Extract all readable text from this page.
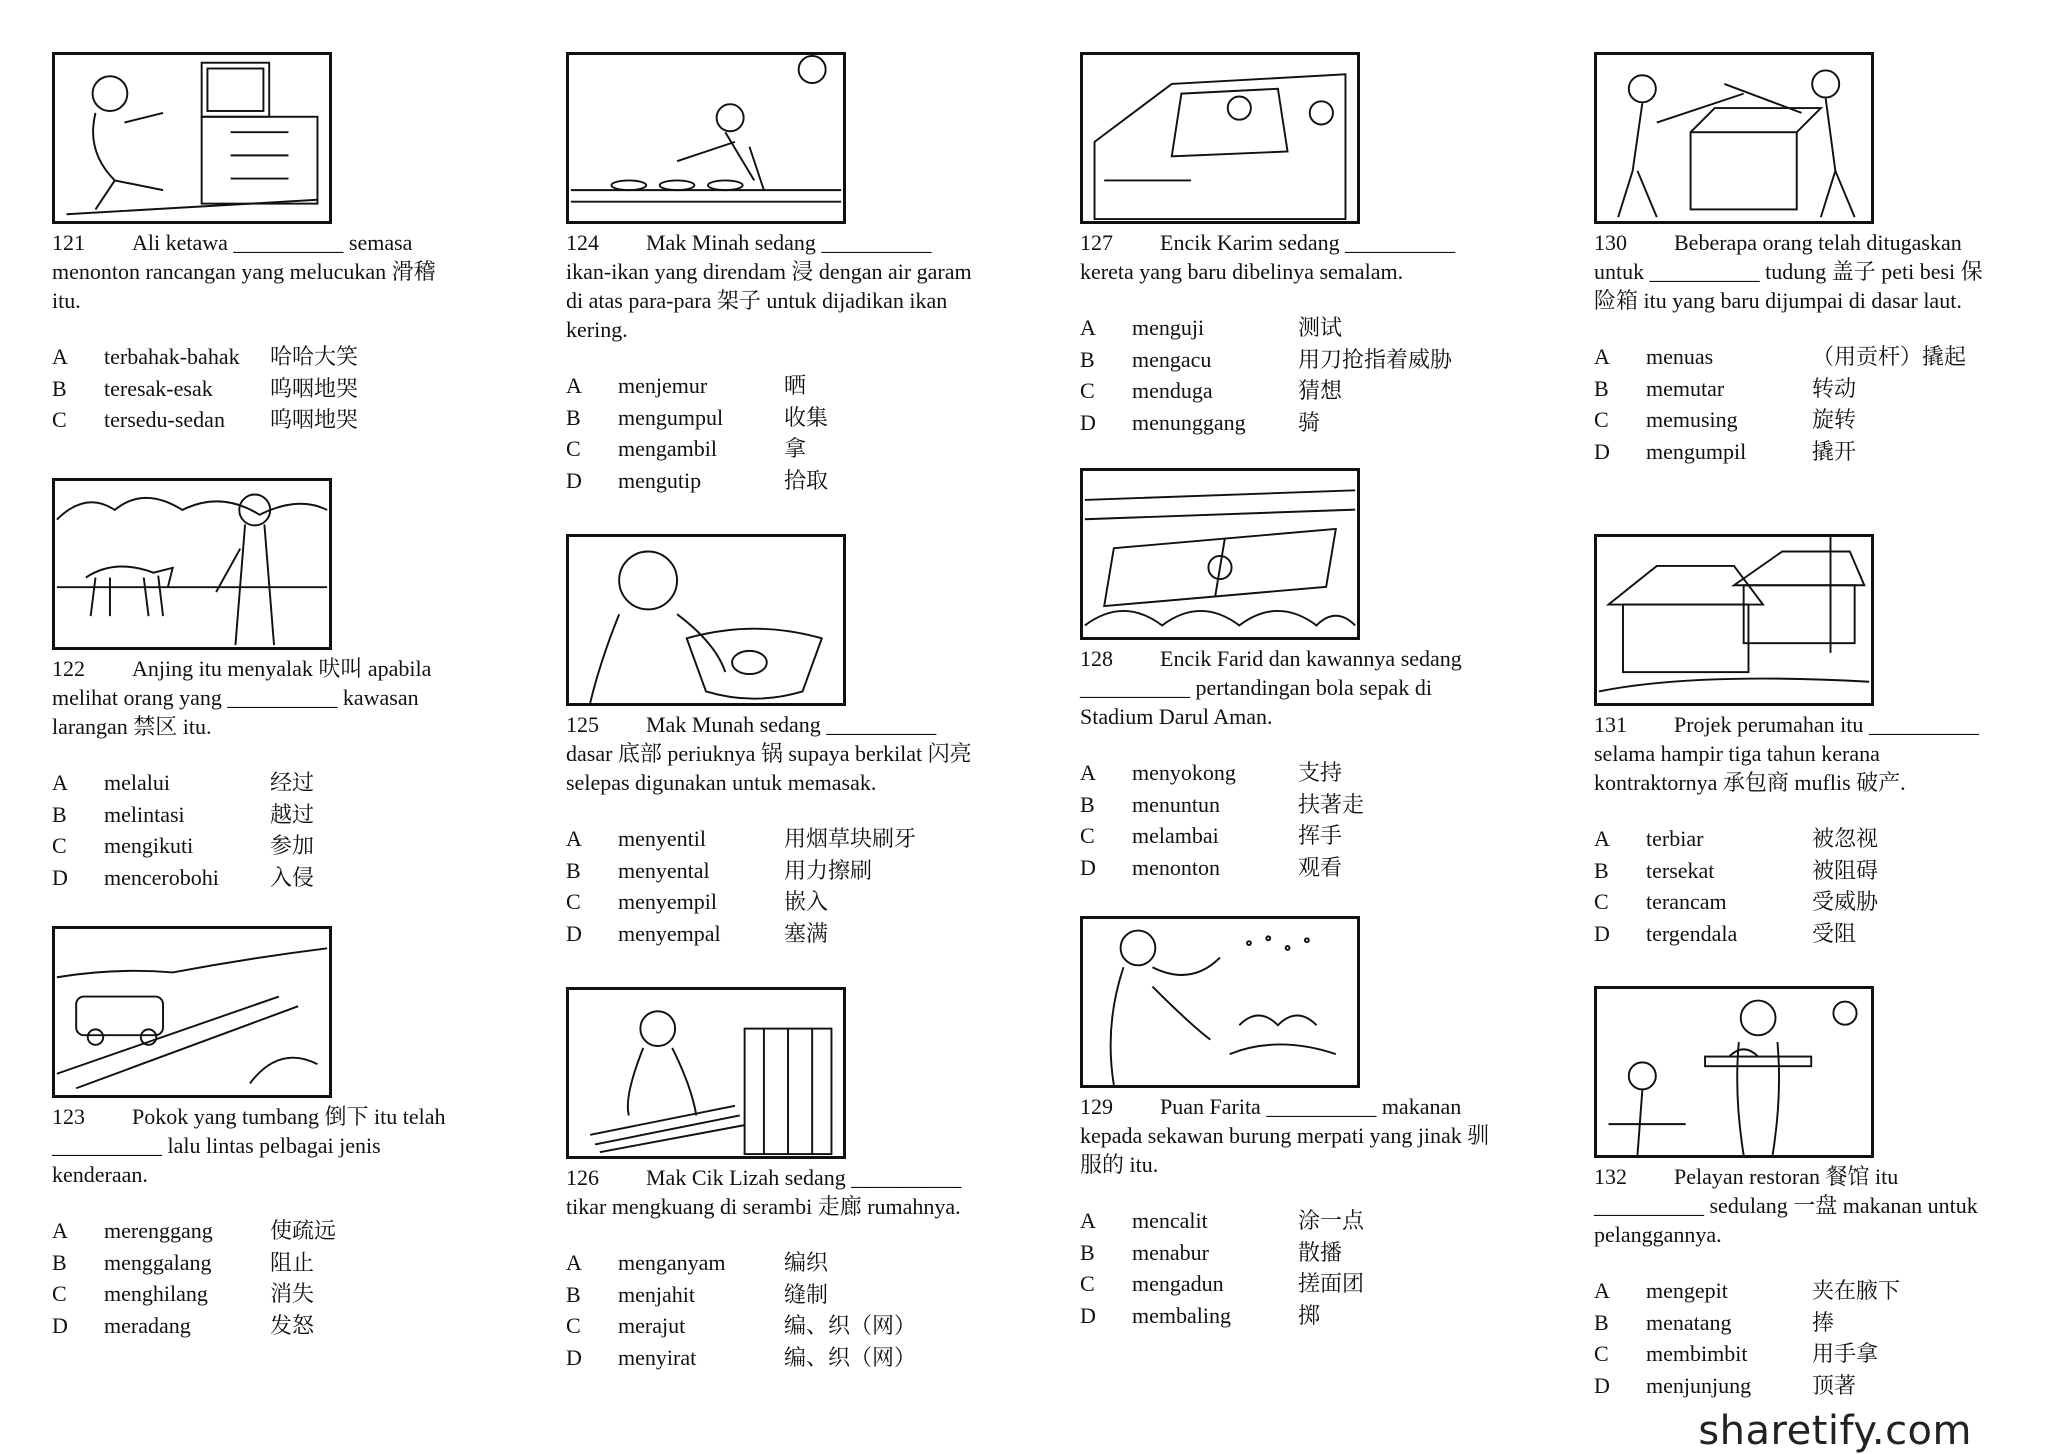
121 Ali ketawa __________ semasa menonton rancangan yang melucukan 滑稽 itu.
A	terbahak-bahak	哈哈大笑
B	teresak-esak	呜咽地哭
C	tersedu-sedan	呜咽地哭
122 Anjing itu menyalak 吠叫 apabila melihat orang yang __________ kawasan larangan 禁区 itu.
A	melalui	经过
B	melintasi	越过
C	mengikuti	参加
D	mencerobohi	入侵
123 Pokok yang tumbang 倒下 itu telah __________ lalu lintas pelbagai jenis kenderaan.
A	merenggang	使疏远
B	menggalang	阻止
C	menghilang	消失
D	meradang	发怒
124 Mak Minah sedang __________ ikan-ikan yang direndam 浸 dengan air garam di atas para-para 架子 untuk dijadikan ikan kering.
A	menjemur	晒
B	mengumpul	收集
C	mengambil	拿
D	mengutip	拾取
125 Mak Munah sedang __________ dasar 底部 periuknya 锅 supaya berkilat 闪亮 selepas digunakan untuk memasak.
A	menyentil	用烟草块刷牙
B	menyental	用力擦刷
C	menyempil	嵌入
D	menyempal	塞满
126 Mak Cik Lizah sedang __________ tikar mengkuang di serambi 走廊 rumahnya.
A	menganyam	编织
B	menjahit	缝制
C	merajut	编、织（网）
D	menyirat	编、织（网）
127 Encik Karim sedang __________ kereta yang baru dibelinya semalam.
A	menguji	测试
B	mengacu	用刀抢指着威胁
C	menduga	猜想
D	menunggang	骑
128 Encik Farid dan kawannya sedang __________ pertandingan bola sepak di Stadium Darul Aman.
A	menyokong	支持
B	menuntun	扶著走
C	melambai	挥手
D	menonton	观看
129 Puan Farita __________ makanan kepada sekawan burung merpati yang jinak 驯服的 itu.
A	mencalit	涂一点
B	menabur	散播
C	mengadun	搓面团
D	membaling	掷
130 Beberapa orang telah ditugaskan untuk __________ tudung 盖子 peti besi 保险箱 itu yang baru dijumpai di dasar laut.
A	menuas	（用贡杆）撬起
B	memutar	转动
C	memusing	旋转
D	mengumpil	撬开
131 Projek perumahan itu __________ selama hampir tiga tahun kerana kontraktornya 承包商 muflis 破产.
A	terbiar	被忽视
B	tersekat	被阻碍
C	terancam	受威胁
D	tergendala	受阻
132 Pelayan restoran 餐馆 itu __________ sedulang 一盘 makanan untuk pelanggannya.
A	mengepit	夹在腋下
B	menatang	捧
C	membimbit	用手拿
D	menjunjung	顶著
sharetify.com
